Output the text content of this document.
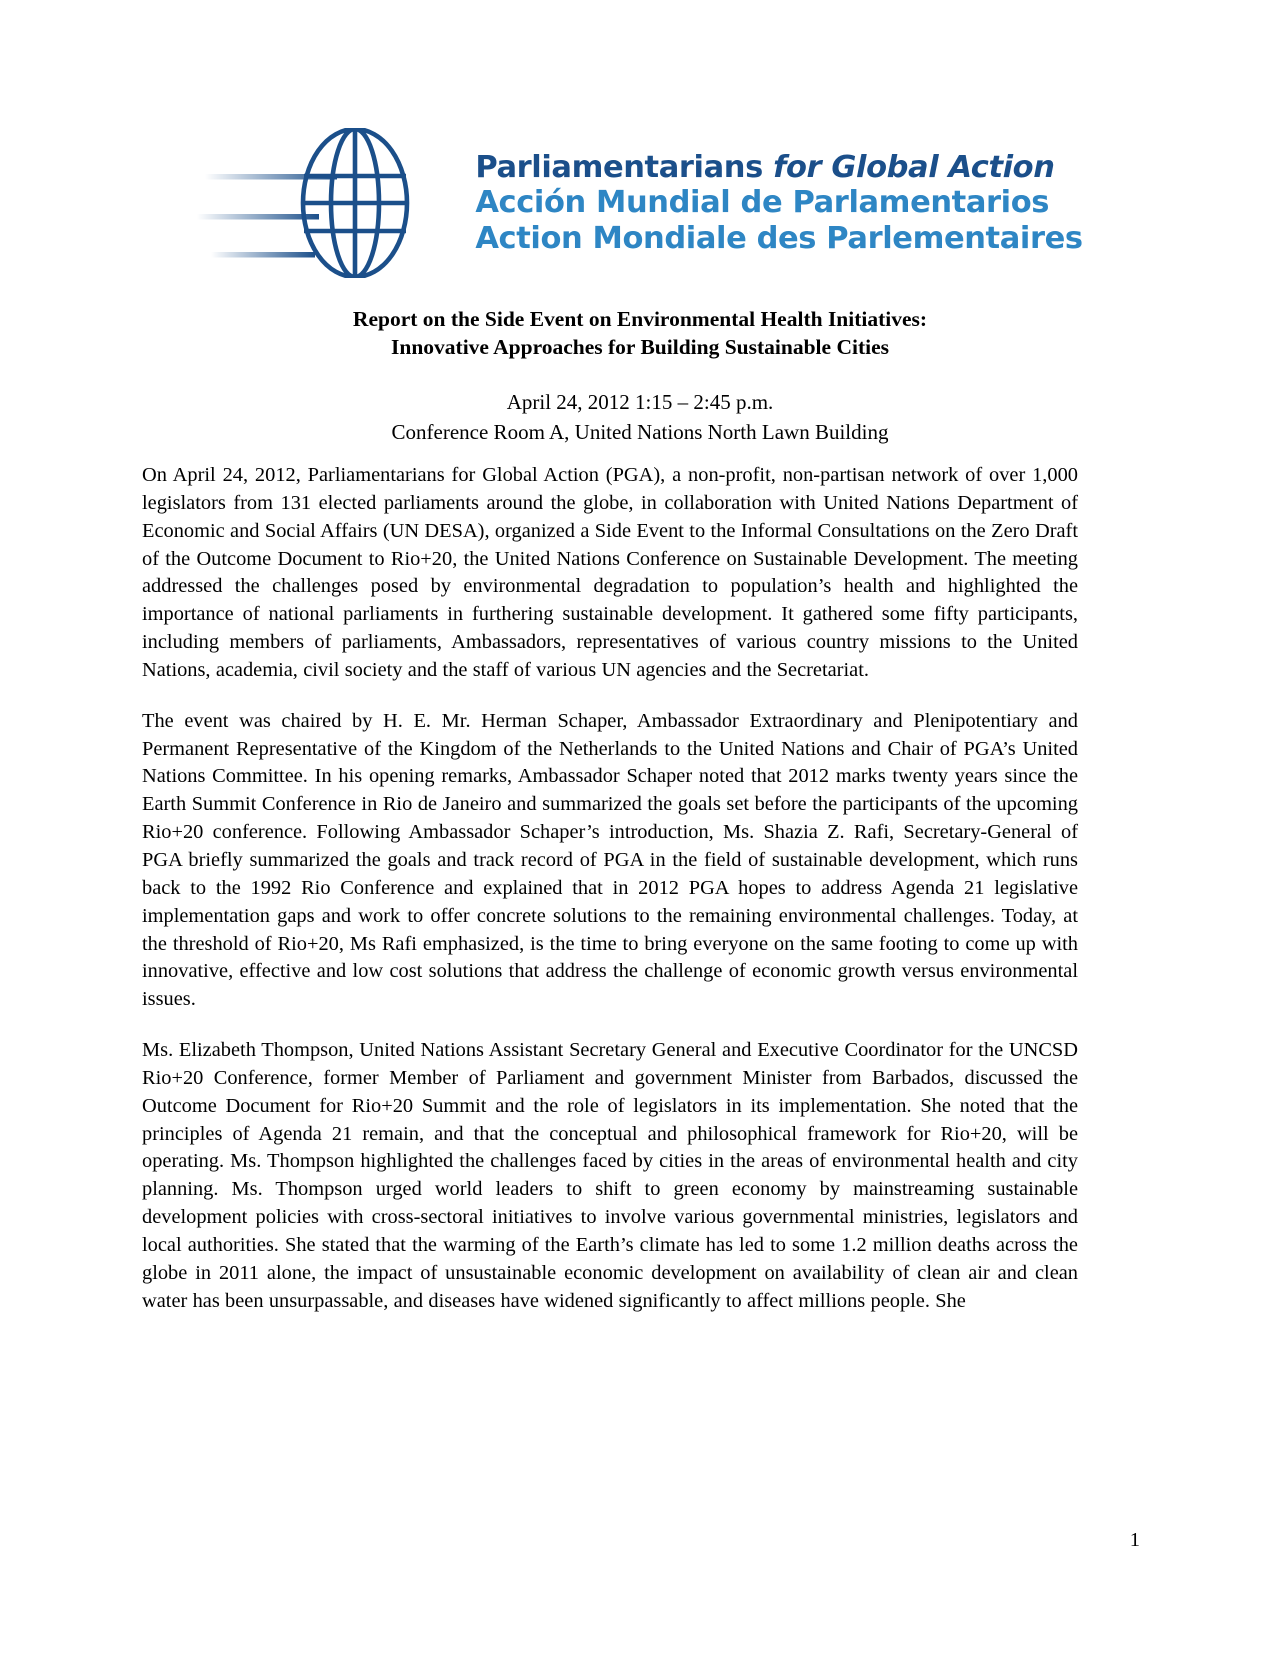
Parliamentarians for Global Action
Acción Mundial de Parlamentarios
Action Mondiale des Parlementaires
Report on the Side Event on Environmental Health Initiatives:
Innovative Approaches for Building Sustainable Cities
April 24, 2012 1:15 – 2:45 p.m.
Conference Room A, United Nations North Lawn Building

On April 24, 2012, Parliamentarians for Global Action (PGA), a non-profit, non-partisan network of over 1,000 legislators from 131 elected parliaments around the globe, in collaboration with United Nations Department of Economic and Social Affairs (UN DESA), organized a Side Event to the Informal Consultations on the Zero Draft of the Outcome Document to Rio+20, the United Nations Conference on Sustainable Development. The meeting addressed the challenges posed by environmental degradation to population’s health and highlighted the importance of national parliaments in furthering sustainable development. It gathered some fifty participants, including members of parliaments, Ambassadors, representatives of various country missions to the United Nations, academia, civil society and the staff of various UN agencies and the Secretariat.

The event was chaired by H. E. Mr. Herman Schaper, Ambassador Extraordinary and Plenipotentiary and Permanent Representative of the Kingdom of the Netherlands to the United Nations and Chair of PGA’s United Nations Committee. In his opening remarks, Ambassador Schaper noted that 2012 marks twenty years since the Earth Summit Conference in Rio de Janeiro and summarized the goals set before the participants of the upcoming Rio+20 conference. Following Ambassador Schaper’s introduction, Ms. Shazia Z. Rafi, Secretary-General of PGA briefly summarized the goals and track record of PGA in the field of sustainable development, which runs back to the 1992 Rio Conference and explained that in 2012 PGA hopes to address Agenda 21 legislative implementation gaps and work to offer concrete solutions to the remaining environmental challenges. Today, at the threshold of Rio+20, Ms Rafi emphasized, is the time to bring everyone on the same footing to come up with innovative, effective and low cost solutions that address the challenge of economic growth versus environmental issues.

Ms. Elizabeth Thompson, United Nations Assistant Secretary General and Executive Coordinator for the UNCSD Rio+20 Conference, former Member of Parliament and government Minister from Barbados, discussed the Outcome Document for Rio+20 Summit and the role of legislators in its implementation. She noted that the principles of Agenda 21 remain, and that the conceptual and philosophical framework for Rio+20, will be operating. Ms. Thompson highlighted the challenges faced by cities in the areas of environmental health and city planning. Ms. Thompson urged world leaders to shift to green economy by mainstreaming sustainable development policies with cross-sectoral initiatives to involve various governmental ministries, legislators and local authorities. She stated that the warming of the Earth’s climate has led to some 1.2 million deaths across the globe in 2011 alone, the impact of unsustainable economic development on availability of clean air and clean water has been unsurpassable, and diseases have widened significantly to affect millions people. She

1
